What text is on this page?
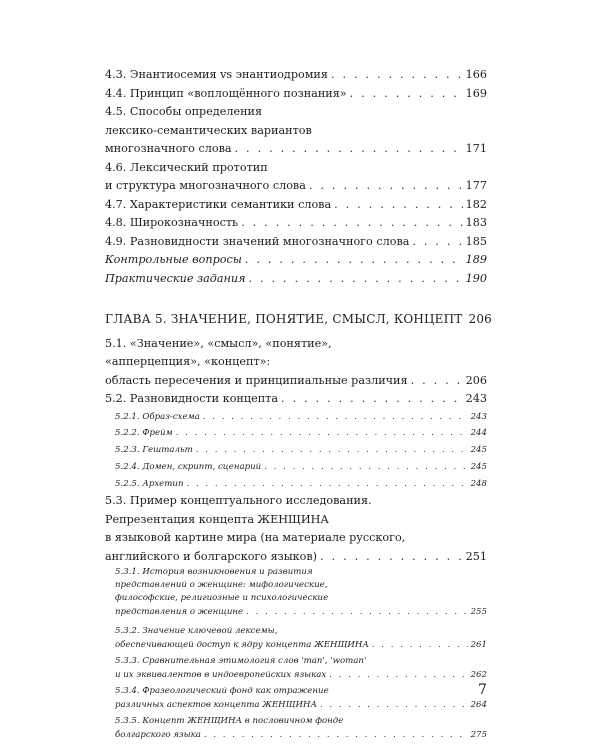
4.3. Энантиосемия vs энантиодромия . . .	166
4.4. Принцип «воплощённого познания» . . .	169
4.5. Способы определения
лексико-семантических вариантов
многозначного слова . . .	171
4.6. Лексический прототип
и структура многозначного слова . . .	177
4.7. Характеристики семантики слова . . .	182
4.8. Широкозначность . . .	183
4.9. Разновидности значений многозначного слова . . .	185
Контрольные вопросы . . .	189
Практические задания . . .	190
ГЛАВА 5. ЗНАЧЕНИЕ, ПОНЯТИЕ, СМЫСЛ, КОНЦЕПТ 206
5.1. «Значение», «смысл», «понятие»,
«апперцепция», «концепт»:
область пересечения и принципиальные различия . . .	206
5.2. Разновидности концепта . . .	243
5.2.1. Образ-схема . . .	243
5.2.2. Фрейм . . .	244
5.2.3. Гештальт . . .	245
5.2.4. Домен, скрипт, сценарий . . .	245
5.2.5. Архетип . . .	248
5.3. Пример концептуального исследования.
Репрезентация концепта ЖЕНЩИНА
в языковой картине мира (на материале русского,
английского и болгарского языков) . . .	251
5.3.1. История возникновения и развития
представлений о женщине: мифологические,
философские, религиозные и психологические
представления о женщине . . .	255
5.3.2. Значение ключевой лексемы,
обеспечивающей доступ к ядру концепта ЖЕНЩИНА . . .	261
5.3.3. Сравнительная этимология слов 'man', 'woman'
и их эквивалентов в индоевропейских языках . . .	262
5.3.4. Фразеологический фонд как отражение
различных аспектов концепта ЖЕНЩИНА . . .	264
5.3.5. Концепт ЖЕНЩИНА в пословичном фонде
болгарского языка . . .	275
7
